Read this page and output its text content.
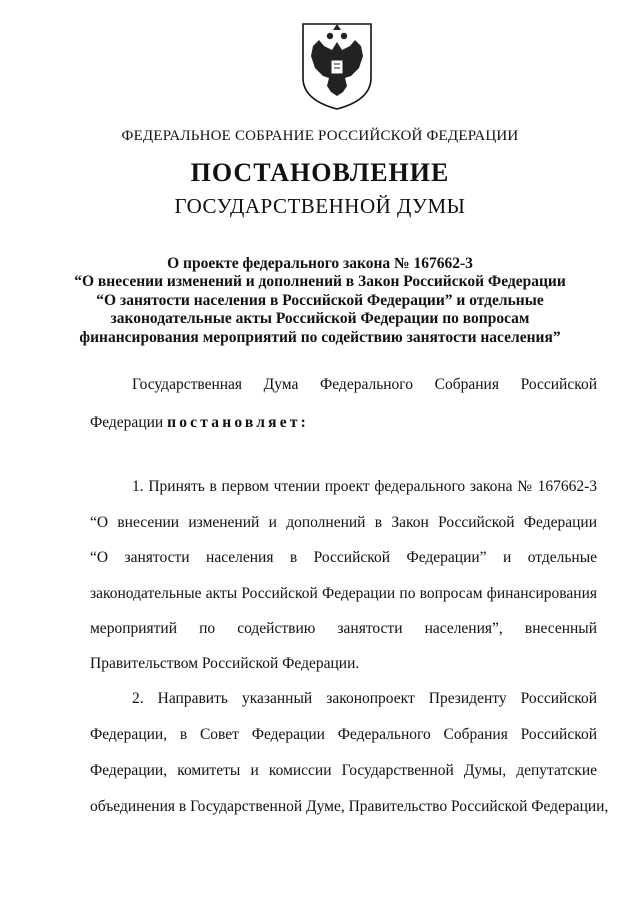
ФЕДЕРАЛЬНОЕ СОБРАНИЕ РОССИЙСКОЙ ФЕДЕРАЦИИ
ПОСТАНОВЛЕНИЕ
ГОСУДАРСТВЕННОЙ ДУМЫ
О проекте федерального закона № 167662-3
“О внесении изменений и дополнений в Закон Российской Федерации
“О занятости населения в Российской Федерации” и отдельные
законодательные акты Российской Федерации по вопросам
финансирования мероприятий по содействию занятости населения”
Государственная Дума Федерального Собрания Российской
Федерации постановляет:
1. Принять в первом чтении проект федерального закона № 167662-3
“О внесении изменений и дополнений в Закон Российской Федерации
“О занятости населения в Российской Федерации” и отдельные
законодательные акты Российской Федерации по вопросам финансирования
мероприятий по содействию занятости населения”, внесенный
Правительством Российской Федерации.
2. Направить указанный законопроект Президенту Российской
Федерации, в Совет Федерации Федерального Собрания Российской
Федерации, комитеты и комиссии Государственной Думы, депутатские
объединения в Государственной Думе, Правительство Российской Федерации,
